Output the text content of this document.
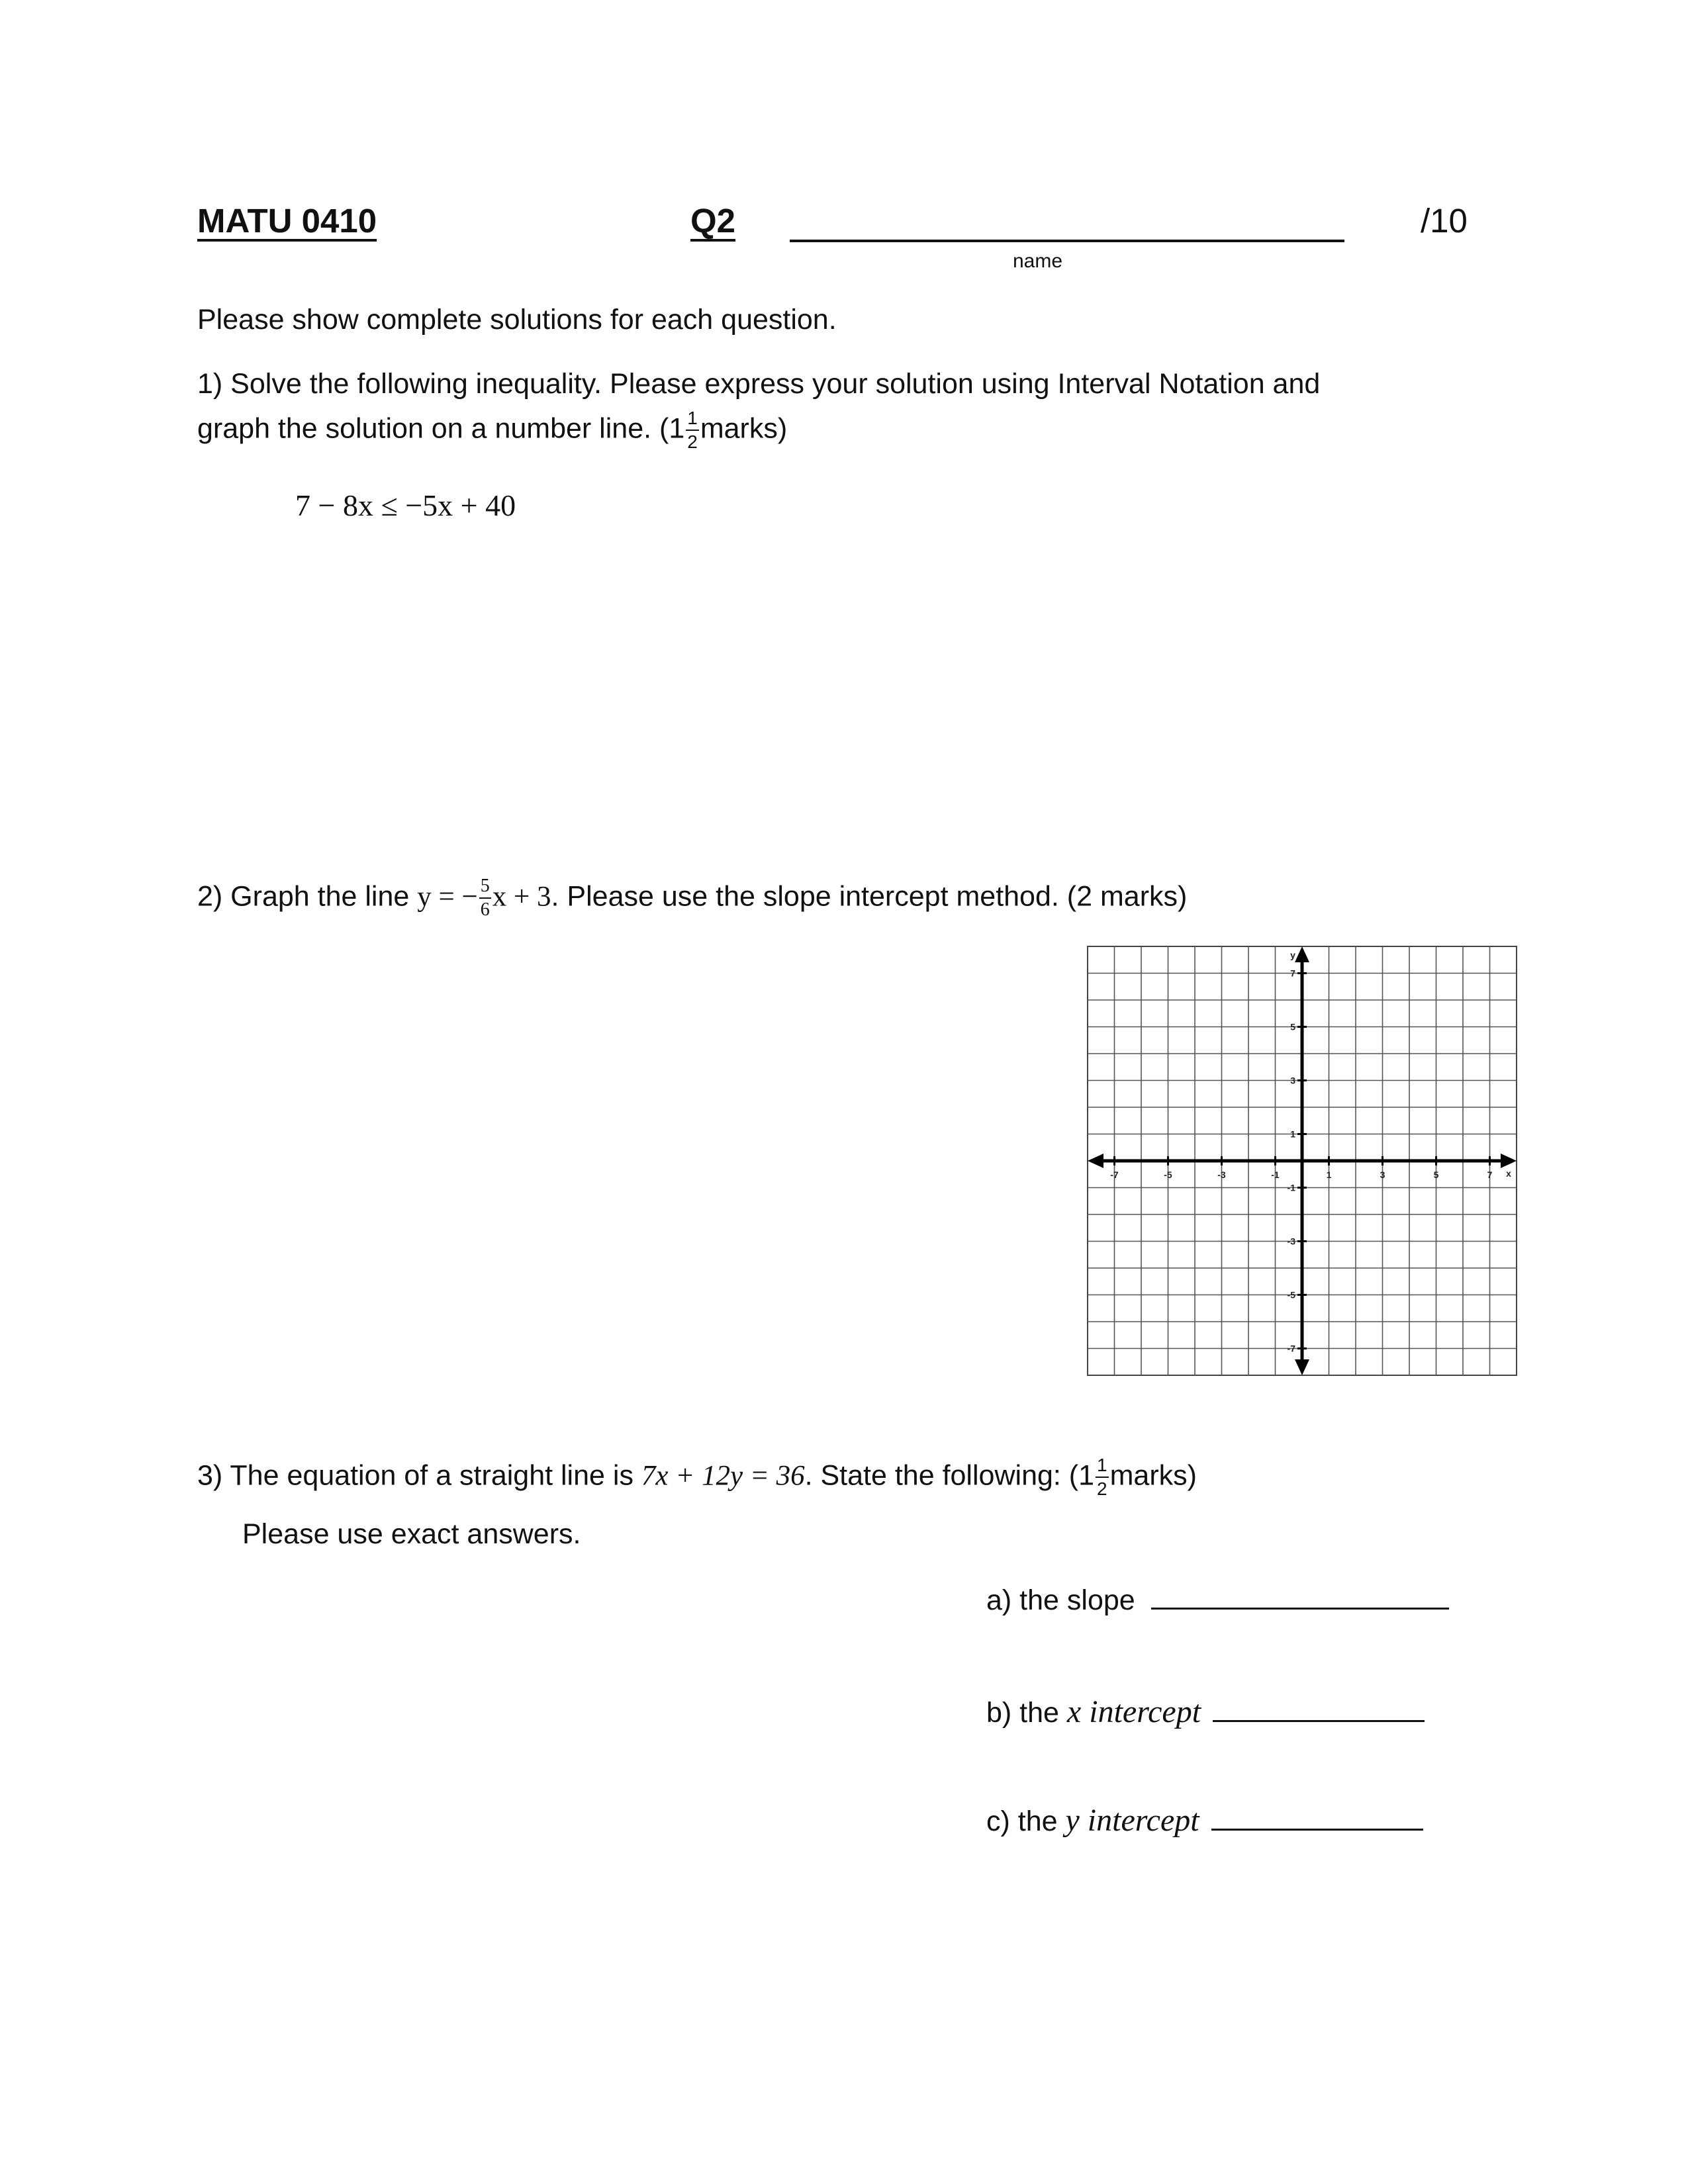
MATU 0410	Q2
name
/10
Please show complete solutions for each question.
1) Solve the following inequality. Please express your solution using Interval Notation and
graph the solution on a number line. ($1 \frac{1}{2}$ marks)
7 − 8x ≤ −5x + 40
2) Graph the line y = − $\frac{5}{6}$ x + 3. Please use the slope intercept method. (2 marks)
-7	-5	-3	-1	1	3	5	7
7
5
3
1
-1
-3
-5
-7
x
y
3) The equation of a straight line is 7x + 12y = 36. State the following: ($1 \frac{1}{2}$ marks)
Please use exact answers.
a) the slope
b) the x intercept
c) the y intercept
